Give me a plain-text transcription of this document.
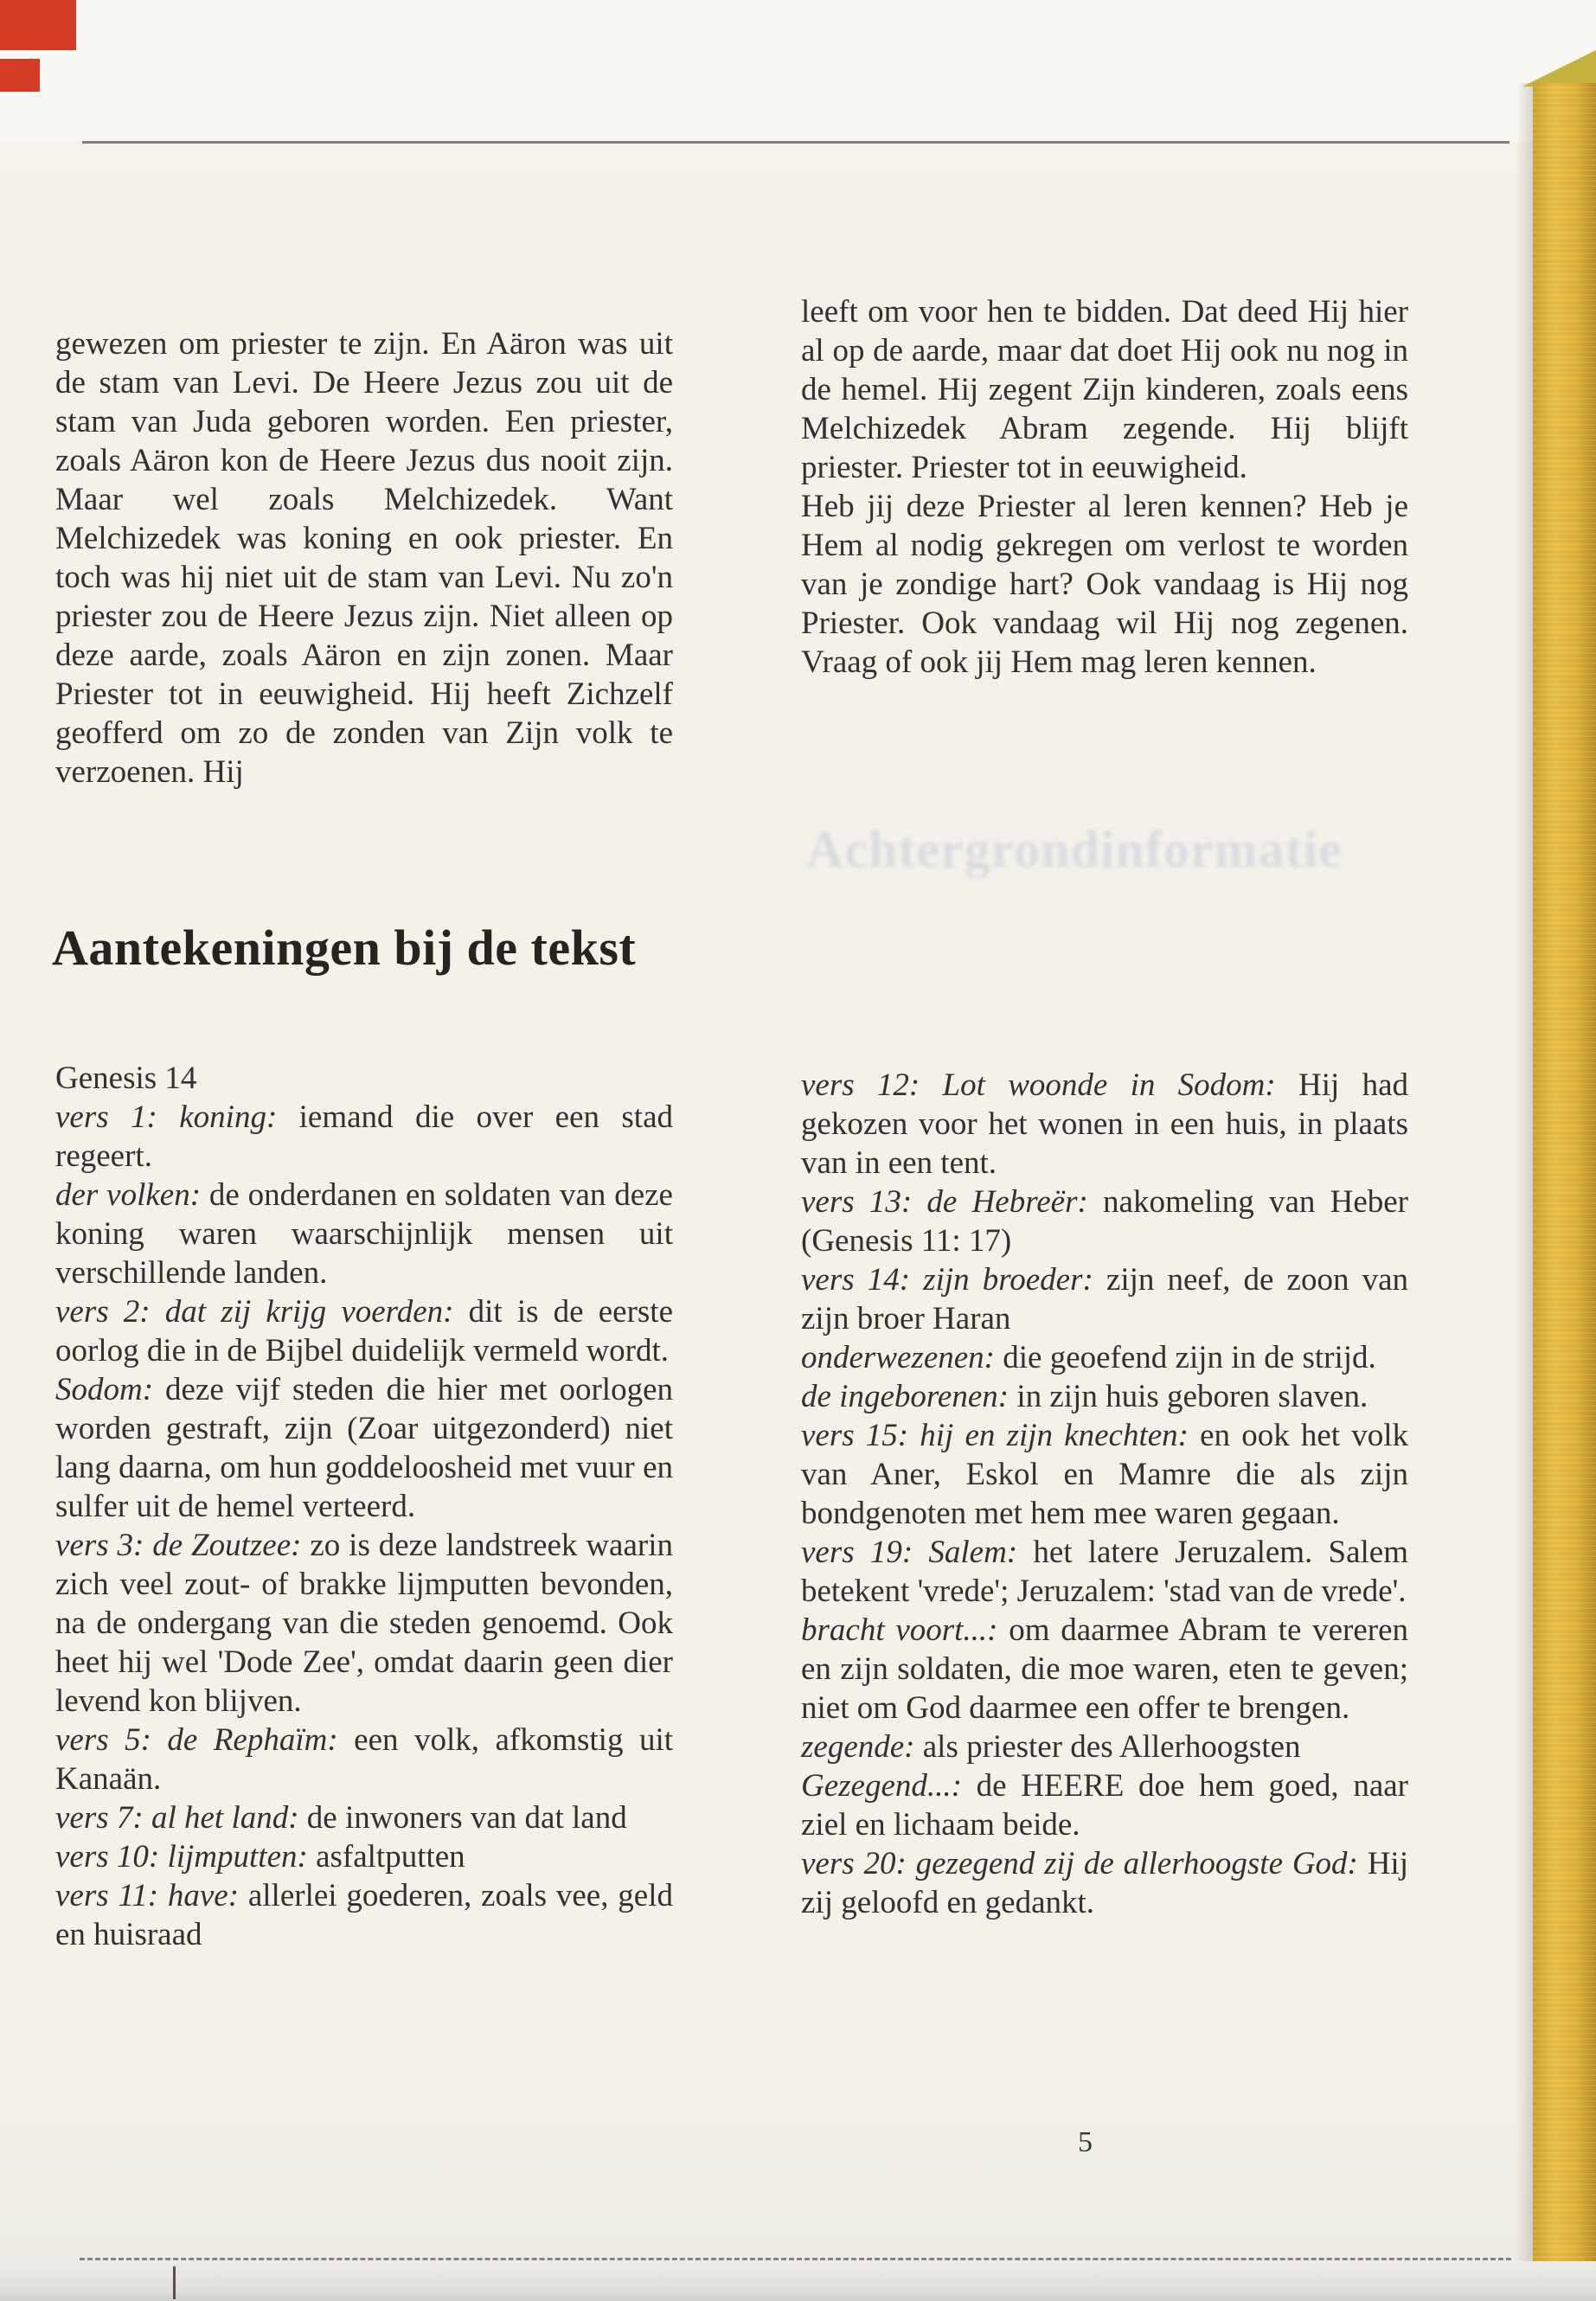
Achtergrondinformatie

gewezen om priester te zijn. En Aäron was uit de stam van Levi. De Heere Jezus zou uit de stam van Juda geboren worden. Een priester, zoals Aäron kon de Heere Jezus dus nooit zijn. Maar wel zoals Melchizedek. Want Melchizedek was koning en ook priester. En toch was hij niet uit de stam van Levi. Nu zo'n priester zou de Heere Jezus zijn. Niet alleen op deze aarde, zoals Aäron en zijn zonen. Maar Priester tot in eeuwigheid. Hij heeft Zichzelf geofferd om zo de zonden van Zijn volk te verzoenen. Hij

leeft om voor hen te bidden. Dat deed Hij hier al op de aarde, maar dat doet Hij ook nu nog in de hemel. Hij zegent Zijn kinderen, zoals eens Melchizedek Abram zegende. Hij blijft priester. Priester tot in eeuwigheid.

Heb jij deze Priester al leren kennen? Heb je Hem al nodig gekregen om verlost te worden van je zondige hart? Ook vandaag is Hij nog Priester. Ook vandaag wil Hij nog zegenen. Vraag of ook jij Hem mag leren kennen.

Aantekeningen bij de tekst

Genesis 14

vers 1: koning: iemand die over een stad regeert.

der volken: de onderdanen en soldaten van deze koning waren waarschijnlijk mensen uit verschillende landen.

vers 2: dat zij krijg voerden: dit is de eerste oorlog die in de Bijbel duidelijk vermeld wordt.

Sodom: deze vijf steden die hier met oorlogen worden gestraft, zijn (Zoar uitgezonderd) niet lang daarna, om hun goddeloosheid met vuur en sulfer uit de hemel verteerd.

vers 3: de Zoutzee: zo is deze landstreek waarin zich veel zout- of brakke lijmputten bevonden, na de ondergang van die steden genoemd. Ook heet hij wel 'Dode Zee', omdat daarin geen dier levend kon blijven.

vers 5: de Rephaïm: een volk, afkomstig uit Kanaän.

vers 7: al het land: de inwoners van dat land

vers 10: lijmputten: asfaltputten

vers 11: have: allerlei goederen, zoals vee, geld en huisraad

vers 12: Lot woonde in Sodom: Hij had gekozen voor het wonen in een huis, in plaats van in een tent.

vers 13: de Hebreër: nakomeling van Heber (Genesis 11: 17)

vers 14: zijn broeder: zijn neef, de zoon van zijn broer Haran

onderwezenen: die geoefend zijn in de strijd.

de ingeborenen: in zijn huis geboren slaven.

vers 15: hij en zijn knechten: en ook het volk van Aner, Eskol en Mamre die als zijn bondgenoten met hem mee waren gegaan.

vers 19: Salem: het latere Jeruzalem. Salem betekent 'vrede'; Jeruzalem: 'stad van de vrede'.

bracht voort...: om daarmee Abram te vereren en zijn soldaten, die moe waren, eten te geven; niet om God daarmee een offer te brengen.

zegende: als priester des Allerhoogsten

Gezegend...: de HEERE doe hem goed, naar ziel en lichaam beide.

vers 20: gezegend zij de allerhoogste God: Hij zij geloofd en gedankt.

5
